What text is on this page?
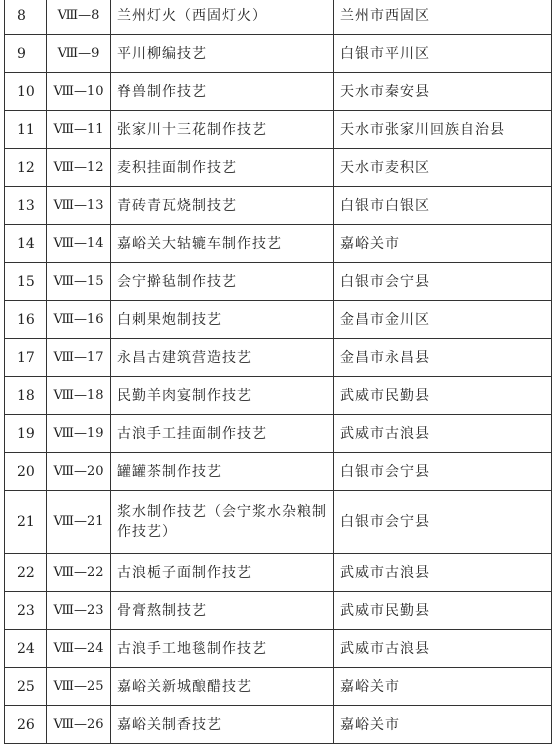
8	Ⅷ—8	兰州灯火（西固灯火）	兰州市西固区
9	Ⅷ—9	平川柳编技艺	白银市平川区
10	Ⅷ—10	脊兽制作技艺	天水市秦安县
11	Ⅷ—11	张家川十三花制作技艺	天水市张家川回族自治县
12	Ⅷ—12	麦积挂面制作技艺	天水市麦积区
13	Ⅷ—13	青砖青瓦烧制技艺	白银市白银区
14	Ⅷ—14	嘉峪关大轱辘车制作技艺	嘉峪关市
15	Ⅷ—15	会宁擀毡制作技艺	白银市会宁县
16	Ⅷ—16	白刺果炮制技艺	金昌市金川区
17	Ⅷ—17	永昌古建筑营造技艺	金昌市永昌县
18	Ⅷ—18	民勤羊肉宴制作技艺	武威市民勤县
19	Ⅷ—19	古浪手工挂面制作技艺	武威市古浪县
20	Ⅷ—20	罐罐茶制作技艺	白银市会宁县
21	Ⅷ—21	浆水制作技艺（会宁浆水杂粮制作技艺）	白银市会宁县
22	Ⅷ—22	古浪栀子面制作技艺	武威市古浪县
23	Ⅷ—23	骨膏熬制技艺	武威市民勤县
24	Ⅷ—24	古浪手工地毯制作技艺	武威市古浪县
25	Ⅷ—25	嘉峪关新城酿醋技艺	嘉峪关市
26	Ⅷ—26	嘉峪关制香技艺	嘉峪关市
